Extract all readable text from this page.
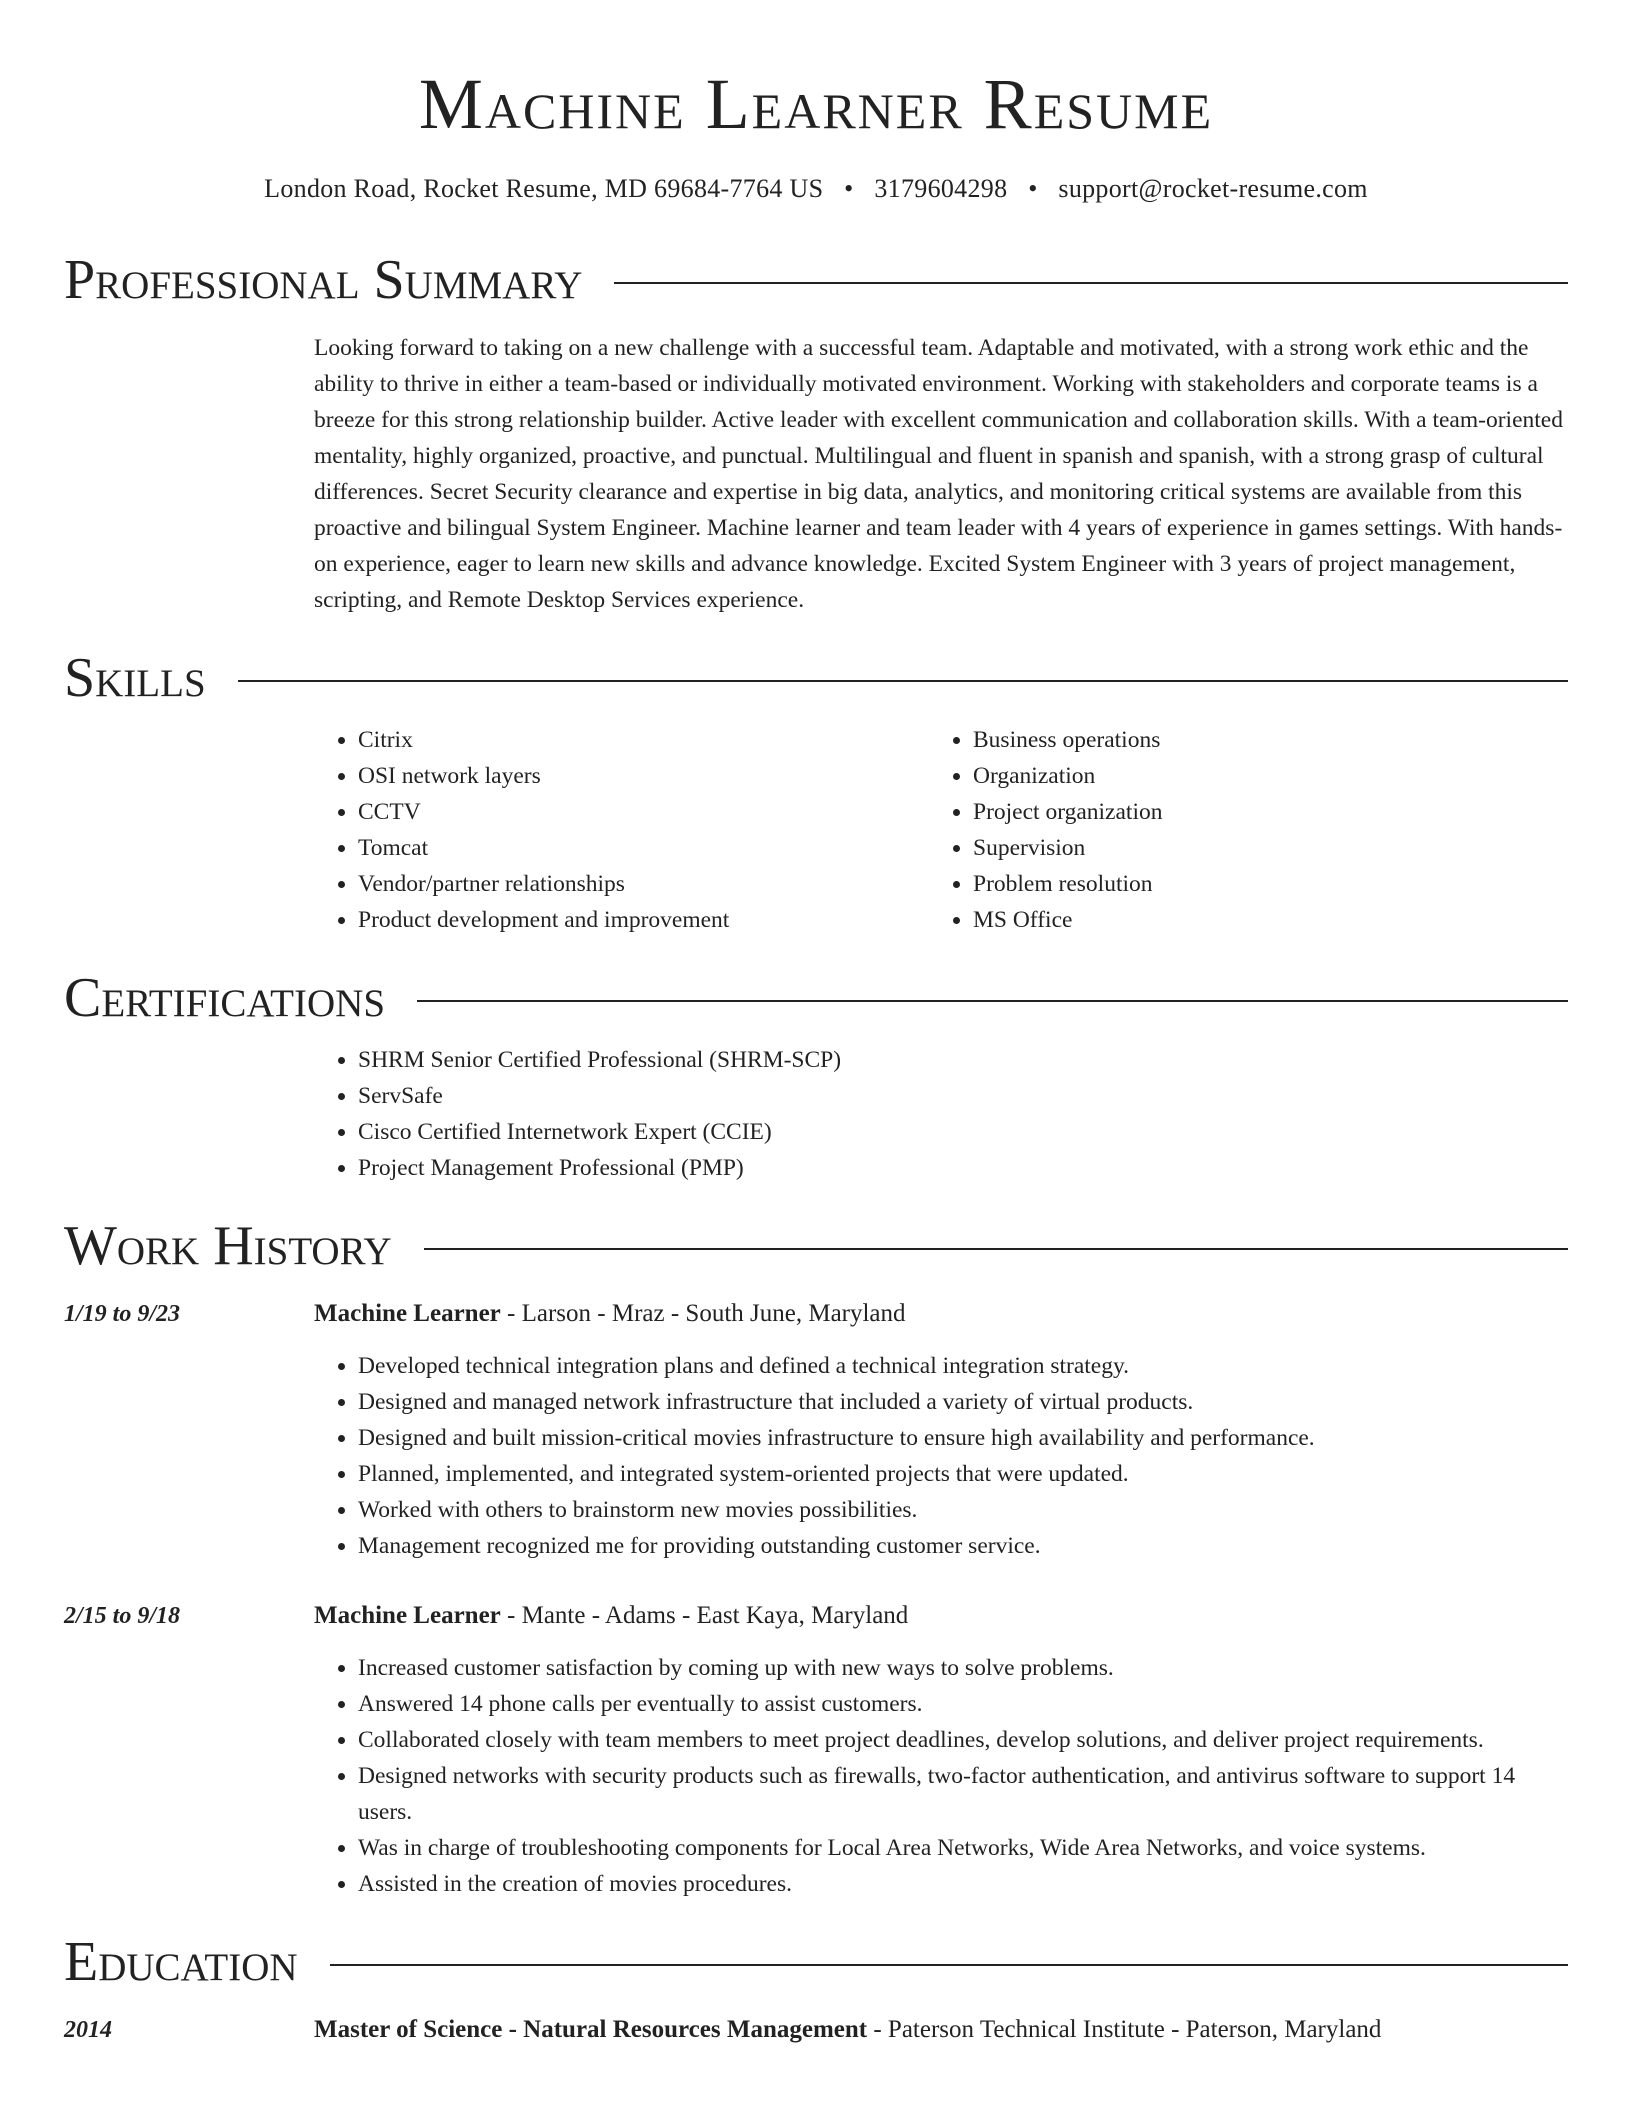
Machine Learner Resume
London Road, Rocket Resume, MD 69684-7764 US • 3179604298 • support@rocket-resume.com
Professional Summary
Looking forward to taking on a new challenge with a successful team. Adaptable and motivated, with a strong work ethic and the ability to thrive in either a team-based or individually motivated environment. Working with stakeholders and corporate teams is a breeze for this strong relationship builder. Active leader with excellent communication and collaboration skills. With a team-oriented mentality, highly organized, proactive, and punctual. Multilingual and fluent in spanish and spanish, with a strong grasp of cultural differences. Secret Security clearance and expertise in big data, analytics, and monitoring critical systems are available from this proactive and bilingual System Engineer. Machine learner and team leader with 4 years of experience in games settings. With hands-on experience, eager to learn new skills and advance knowledge. Excited System Engineer with 3 years of project management, scripting, and Remote Desktop Services experience.
Skills
• Citrix
• OSI network layers
• CCTV
• Tomcat
• Vendor/partner relationships
• Product development and improvement
• Business operations
• Organization
• Project organization
• Supervision
• Problem resolution
• MS Office
Certifications
• SHRM Senior Certified Professional (SHRM-SCP)
• ServSafe
• Cisco Certified Internetwork Expert (CCIE)
• Project Management Professional (PMP)
Work History
1/19 to 9/23	Machine Learner - Larson - Mraz - South June, Maryland
• Developed technical integration plans and defined a technical integration strategy.
• Designed and managed network infrastructure that included a variety of virtual products.
• Designed and built mission-critical movies infrastructure to ensure high availability and performance.
• Planned, implemented, and integrated system-oriented projects that were updated.
• Worked with others to brainstorm new movies possibilities.
• Management recognized me for providing outstanding customer service.
2/15 to 9/18	Machine Learner - Mante - Adams - East Kaya, Maryland
• Increased customer satisfaction by coming up with new ways to solve problems.
• Answered 14 phone calls per eventually to assist customers.
• Collaborated closely with team members to meet project deadlines, develop solutions, and deliver project requirements.
• Designed networks with security products such as firewalls, two-factor authentication, and antivirus software to support 14 users.
• Was in charge of troubleshooting components for Local Area Networks, Wide Area Networks, and voice systems.
• Assisted in the creation of movies procedures.
Education
2014	Master of Science - Natural Resources Management - Paterson Technical Institute - Paterson, Maryland
